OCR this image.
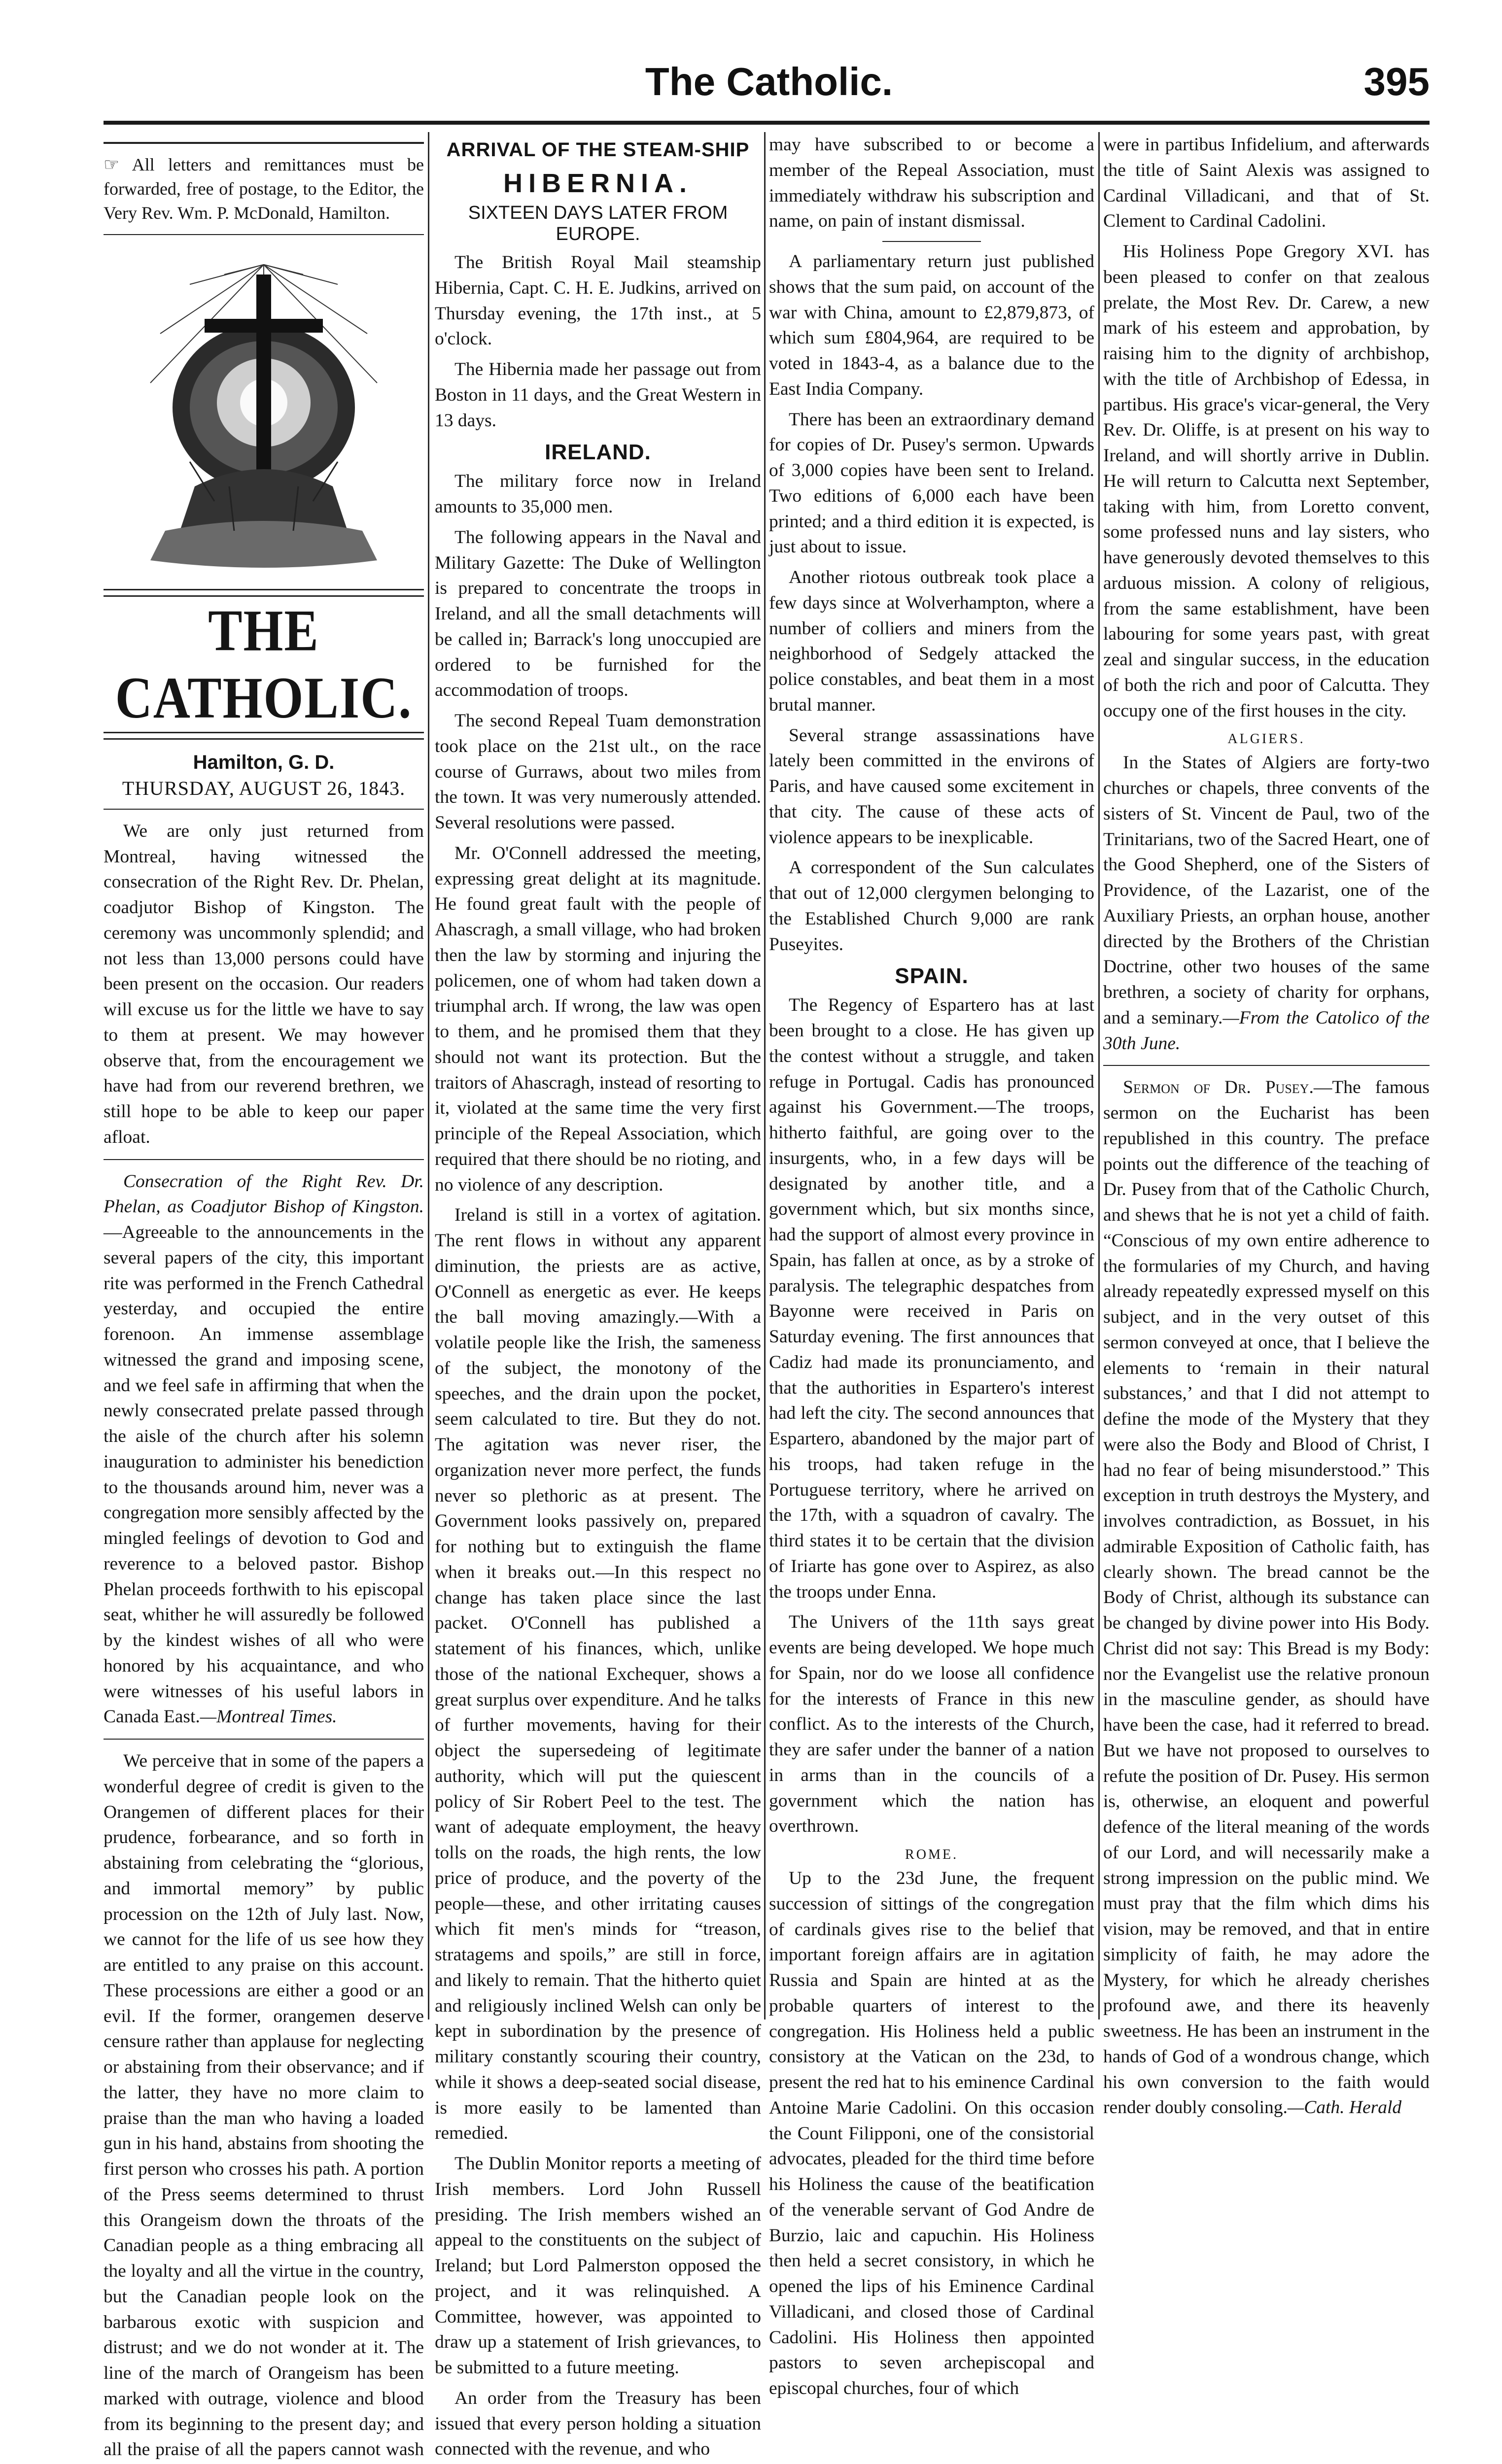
The Catholic.	395
☞ All letters and remittances must be forwarded, free of postage, to the Editor, the Very Rev. Wm. P. McDonald, Hamilton.
THE CATHOLIC.
Hamilton, G. D.
THURSDAY, AUGUST 26, 1843.

We are only just returned from Montreal, having witnessed the consecration of the Right Rev. Dr. Phelan, coadjutor Bishop of Kingston. The ceremony was uncommonly splendid; and not less than 13,000 persons could have been present on the occasion. Our readers will excuse us for the little we have to say to them at present. We may however observe that, from the encouragement we have had from our reverend brethren, we still hope to be able to keep our paper afloat.

Consecration of the Right Rev. Dr. Phelan, as Coadjutor Bishop of Kingston.—Agreeable to the announcements in the several papers of the city, this important rite was performed in the French Cathedral yesterday, and occupied the entire forenoon. An immense assemblage witnessed the grand and imposing scene, and we feel safe in affirming that when the newly consecrated prelate passed through the aisle of the church after his solemn inauguration to administer his benediction to the thousands around him, never was a congregation more sensibly affected by the mingled feelings of devotion to God and reverence to a beloved pastor. Bishop Phelan proceeds forthwith to his episcopal seat, whither he will assuredly be followed by the kindest wishes of all who were honored by his acquaintance, and who were witnesses of his useful labors in Canada East.—Montreal Times.

We perceive that in some of the papers a wonderful degree of credit is given to the Orangemen of different places for their prudence, forbearance, and so forth in abstaining from celebrating the “glorious, and immortal memory” by public procession on the 12th of July last. Now, we cannot for the life of us see how they are entitled to any praise on this account. These processions are either a good or an evil. If the former, orangemen deserve censure rather than applause for neglecting or abstaining from their observance; and if the latter, they have no more claim to praise than the man who having a loaded gun in his hand, abstains from shooting the first person who crosses his path. A portion of the Press seems determined to thrust this Orangeism down the throats of the Canadian people as a thing embracing all the loyalty and all the virtue in the country, but the Canadian people look on the barbarous exotic with suspicion and distrust; and we do not wonder at it. The line of the march of Orangeism has been marked with outrage, violence and blood from its beginning to the present day; and all the praise of all the papers cannot wash

ARRIVAL OF THE STEAM-SHIP
HIBERNIA.
SIXTEEN DAYS LATER FROM EUROPE.

The British Royal Mail steamship Hibernia, Capt. C. H. E. Judkins, arrived on Thursday evening, the 17th inst., at 5 o'clock.

The Hibernia made her passage out from Boston in 11 days, and the Great Western in 13 days.

IRELAND.

The military force now in Ireland amounts to 35,000 men.

The following appears in the Naval and Military Gazette: The Duke of Wellington is prepared to concentrate the troops in Ireland, and all the small detachments will be called in; Barrack's long unoccupied are ordered to be furnished for the accommodation of troops.

The second Repeal Tuam demonstration took place on the 21st ult., on the race course of Gurraws, about two miles from the town. It was very numerously attended. Several resolutions were passed.

Mr. O'Connell addressed the meeting, expressing great delight at its magnitude. He found great fault with the people of Ahascragh, a small village, who had broken then the law by storming and injuring the policemen, one of whom had taken down a triumphal arch. If wrong, the law was open to them, and he promised them that they should not want its protection. But the traitors of Ahascragh, instead of resorting to it, violated at the same time the very first principle of the Repeal Association, which required that there should be no rioting, and no violence of any description.

Ireland is still in a vortex of agitation. The rent flows in without any apparent diminution, the priests are as active, O'Connell as energetic as ever. He keeps the ball moving amazingly.—With a volatile people like the Irish, the sameness of the subject, the monotony of the speeches, and the drain upon the pocket, seem calculated to tire. But they do not. The agitation was never riser, the organization never more perfect, the funds never so plethoric as at present. The Government looks passively on, prepared for nothing but to extinguish the flame when it breaks out.—In this respect no change has taken place since the last packet. O'Connell has published a statement of his finances, which, unlike those of the national Exchequer, shows a great surplus over expenditure. And he talks of further movements, having for their object the supersedeing of legitimate authority, which will put the quiescent policy of Sir Robert Peel to the test. The want of adequate employment, the heavy tolls on the roads, the high rents, the low price of produce, and the poverty of the people—these, and other irritating causes which fit men's minds for “treason, stratagems and spoils,” are still in force, and likely to remain. That the hitherto quiet and religiously inclined Welsh can only be kept in subordination by the presence of military constantly scouring their country, while it shows a deep-seated social disease, is more easily to be lamented than remedied.

The Dublin Monitor reports a meeting of Irish members. Lord John Russell presiding. The Irish members wished an appeal to the constituents on the subject of Ireland; but Lord Palmerston opposed the project, and it was relinquished. A Committee, however, was appointed to draw up a statement of Irish grievances, to be submitted to a future meeting.

An order from the Treasury has been issued that every person holding a situation connected with the revenue, and who

may have subscribed to or become a member of the Repeal Association, must immediately withdraw his subscription and name, on pain of instant dismissal.

A parliamentary return just published shows that the sum paid, on account of the war with China, amount to £2,879,873, of which sum £804,964, are required to be voted in 1843-4, as a balance due to the East India Company.

There has been an extraordinary demand for copies of Dr. Pusey's sermon. Upwards of 3,000 copies have been sent to Ireland. Two editions of 6,000 each have been printed; and a third edition it is expected, is just about to issue.

Another riotous outbreak took place a few days since at Wolverhampton, where a number of colliers and miners from the neighborhood of Sedgely attacked the police constables, and beat them in a most brutal manner.

Several strange assassinations have lately been committed in the environs of Paris, and have caused some excitement in that city. The cause of these acts of violence appears to be inexplicable.

A correspondent of the Sun calculates that out of 12,000 clergymen belonging to the Established Church 9,000 are rank Puseyites.

SPAIN.

The Regency of Espartero has at last been brought to a close. He has given up the contest without a struggle, and taken refuge in Portugal. Cadis has pronounced against his Government.—The troops, hitherto faithful, are going over to the insurgents, who, in a few days will be designated by another title, and a government which, but six months since, had the support of almost every province in Spain, has fallen at once, as by a stroke of paralysis. The telegraphic despatches from Bayonne were received in Paris on Saturday evening. The first announces that Cadiz had made its pronunciamento, and that the authorities in Espartero's interest had left the city. The second announces that Espartero, abandoned by the major part of his troops, had taken refuge in the Portuguese territory, where he arrived on the 17th, with a squadron of cavalry. The third states it to be certain that the division of Iriarte has gone over to Aspirez, as also the troops under Enna.

The Univers of the 11th says great events are being developed. We hope much for Spain, nor do we loose all confidence for the interests of France in this new conflict. As to the interests of the Church, they are safer under the banner of a nation in arms than in the councils of a government which the nation has overthrown.

ROME.

Up to the 23d June, the frequent succession of sittings of the congregation of cardinals gives rise to the belief that important foreign affairs are in agitation Russia and Spain are hinted at as the probable quarters of interest to the congregation. His Holiness held a public consistory at the Vatican on the 23d, to present the red hat to his eminence Cardinal Antoine Marie Cadolini. On this occasion the Count Filipponi, one of the consistorial advocates, pleaded for the third time before his Holiness the cause of the beatification of the venerable servant of God Andre de Burzio, laic and capuchin. His Holiness then held a secret consistory, in which he opened the lips of his Eminence Cardinal Villadicani, and closed those of Cardinal Cadolini. His Holiness then appointed pastors to seven archepiscopal and episcopal churches, four of which

were in partibus Infidelium, and afterwards the title of Saint Alexis was assigned to Cardinal Villadicani, and that of St. Clement to Cardinal Cadolini.

His Holiness Pope Gregory XVI. has been pleased to confer on that zealous prelate, the Most Rev. Dr. Carew, a new mark of his esteem and approbation, by raising him to the dignity of archbishop, with the title of Archbishop of Edessa, in partibus. His grace's vicar-general, the Very Rev. Dr. Oliffe, is at present on his way to Ireland, and will shortly arrive in Dublin. He will return to Calcutta next September, taking with him, from Loretto convent, some professed nuns and lay sisters, who have generously devoted themselves to this arduous mission. A colony of religious, from the same establishment, have been labouring for some years past, with great zeal and singular success, in the education of both the rich and poor of Calcutta. They occupy one of the first houses in the city.

ALGIERS.

In the States of Algiers are forty-two churches or chapels, three convents of the sisters of St. Vincent de Paul, two of the Trinitarians, two of the Sacred Heart, one of the Good Shepherd, one of the Sisters of Providence, of the Lazarist, one of the Auxiliary Priests, an orphan house, another directed by the Brothers of the Christian Doctrine, other two houses of the same brethren, a society of charity for orphans, and a seminary.—From the Catolico of the 30th June.

Sermon of Dr. Pusey.—The famous sermon on the Eucharist has been republished in this country. The preface points out the difference of the teaching of Dr. Pusey from that of the Catholic Church, and shews that he is not yet a child of faith. “Conscious of my own entire adherence to the formularies of my Church, and having already repeatedly expressed myself on this subject, and in the very outset of this sermon conveyed at once, that I believe the elements to ‘remain in their natural substances,’ and that I did not attempt to define the mode of the Mystery that they were also the Body and Blood of Christ, I had no fear of being misunderstood.” This exception in truth destroys the Mystery, and involves contradiction, as Bossuet, in his admirable Exposition of Catholic faith, has clearly shown. The bread cannot be the Body of Christ, although its substance can be changed by divine power into His Body. Christ did not say: This Bread is my Body: nor the Evangelist use the relative pronoun in the masculine gender, as should have have been the case, had it referred to bread. But we have not proposed to ourselves to refute the position of Dr. Pusey. His sermon is, otherwise, an eloquent and powerful defence of the literal meaning of the words of our Lord, and will necessarily make a strong impression on the public mind. We must pray that the film which dims his vision, may be removed, and that in entire simplicity of faith, he may adore the Mystery, for which he already cherishes profound awe, and there its heavenly sweetness. He has been an instrument in the hands of God of a wondrous change, which his own conversion to the faith would render doubly consoling.—Cath. Herald
